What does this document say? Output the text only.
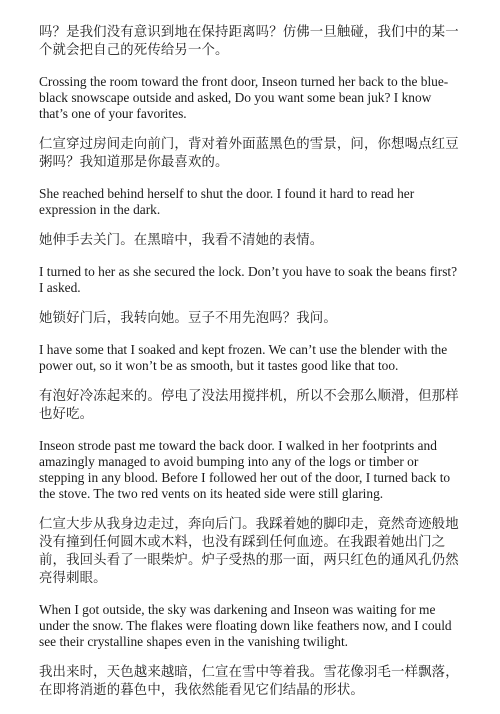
吗？是我们没有意识到地在保持距离吗？仿佛一旦触碰，我们中的某一个就会把自己的死传给另一个。

Crossing the room toward the front door, Inseon turned her back to the blue-black snowscape outside and asked, Do you want some bean juk? I know that’s one of your favorites.

仁宣穿过房间走向前门，背对着外面蓝黑色的雪景，问，你想喝点红豆粥吗？我知道那是你最喜欢的。

She reached behind herself to shut the door. I found it hard to read her expression in the dark.

她伸手去关门。在黑暗中，我看不清她的表情。

I turned to her as she secured the lock. Don’t you have to soak the beans first? I asked.

她锁好门后，我转向她。豆子不用先泡吗？我问。

I have some that I soaked and kept frozen. We can’t use the blender with the power out, so it won’t be as smooth, but it tastes good like that too.

有泡好冷冻起来的。停电了没法用搅拌机，所以不会那么顺滑，但那样也好吃。

Inseon strode past me toward the back door. I walked in her footprints and amazingly managed to avoid bumping into any of the logs or timber or stepping in any blood. Before I followed her out of the door, I turned back to the stove. The two red vents on its heated side were still glaring.

仁宣大步从我身边走过，奔向后门。我踩着她的脚印走，竟然奇迹般地没有撞到任何圆木或木料，也没有踩到任何血迹。在我跟着她出门之前，我回头看了一眼柴炉。炉子受热的那一面，两只红色的通风孔仍然亮得刺眼。

When I got outside, the sky was darkening and Inseon was waiting for me under the snow. The flakes were floating down like feathers now, and I could see their crystalline shapes even in the vanishing twilight.

我出来时，天色越来越暗，仁宣在雪中等着我。雪花像羽毛一样飘落，在即将消逝的暮色中，我依然能看见它们结晶的形状。
